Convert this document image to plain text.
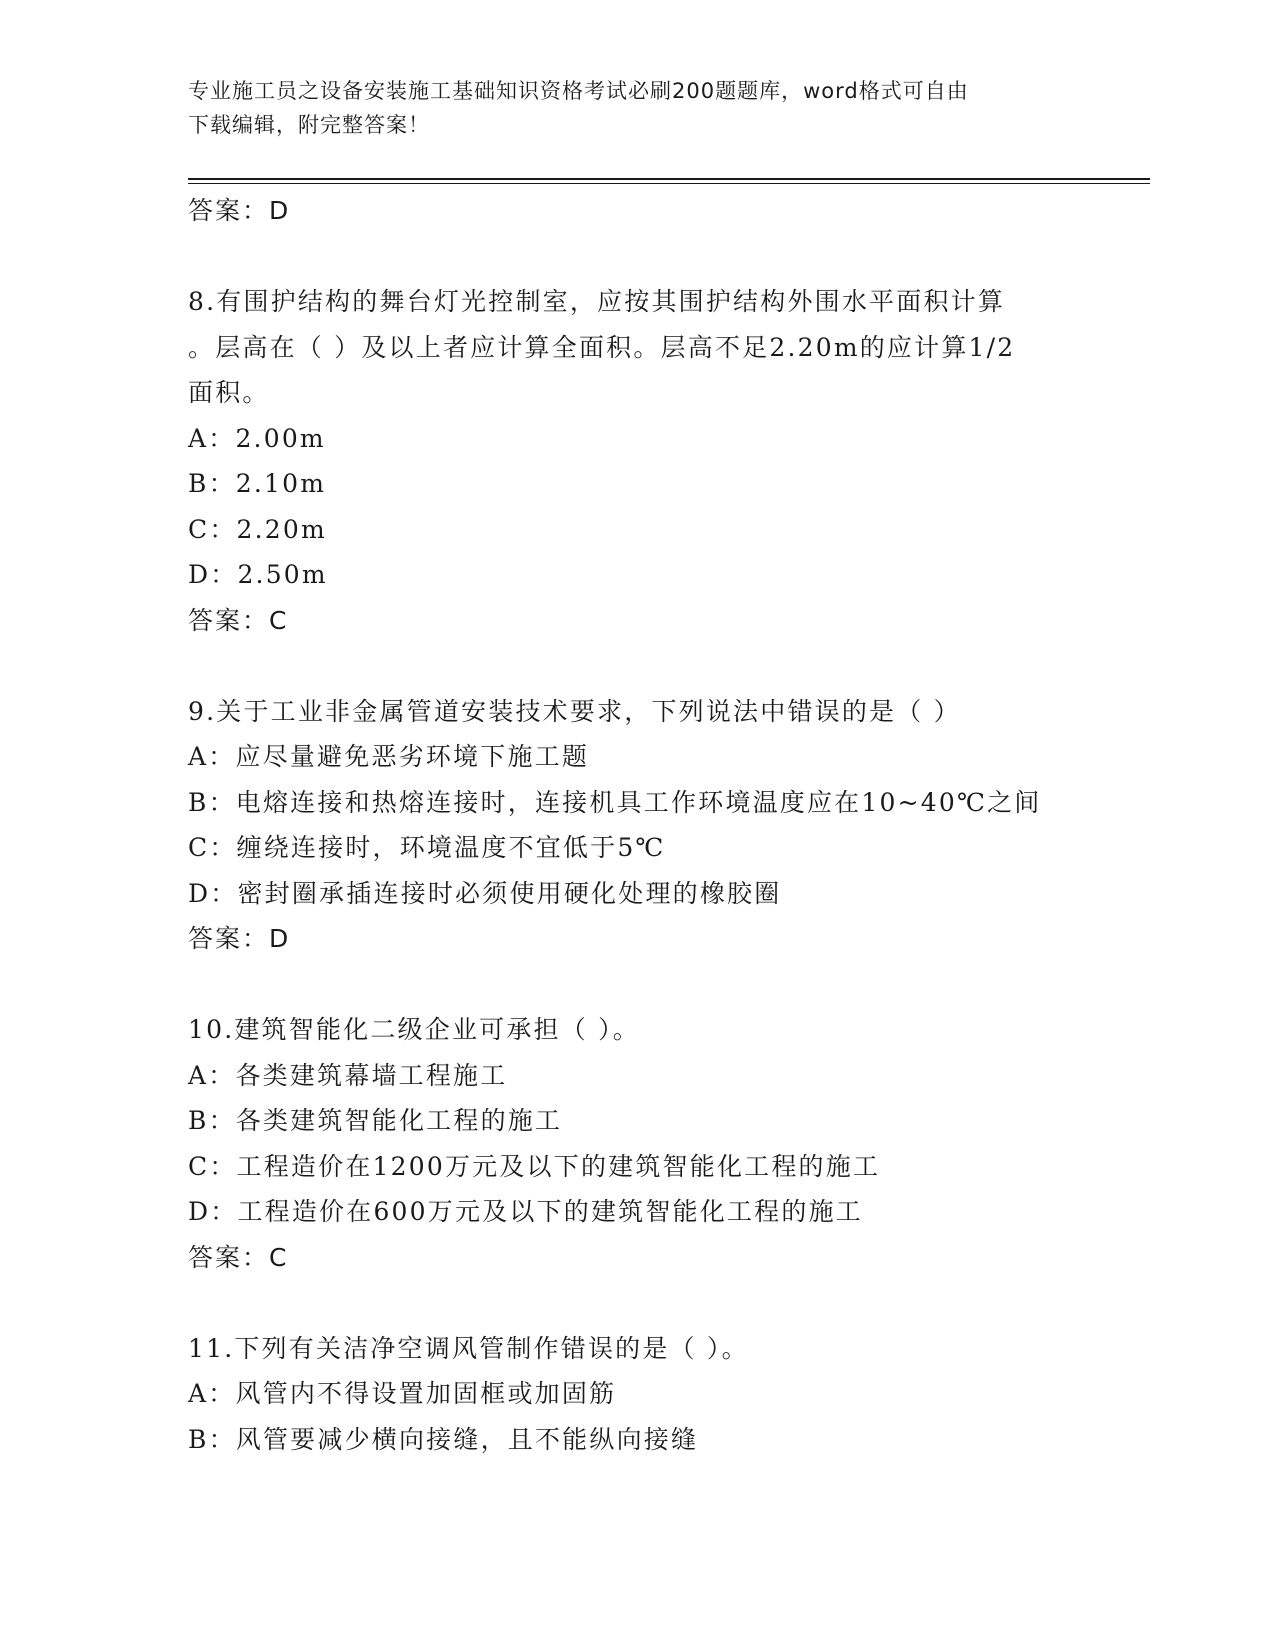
专业施工员之设备安装施工基础知识资格考试必刷200题题库，word格式可自由
下载编辑，附完整答案！
答案：D
8.有围护结构的舞台灯光控制室，应按其围护结构外围水平面积计算
。层高在（ ）及以上者应计算全面积。层高不足2.20m的应计算1/2
面积。
A：2.00m
B：2.10m
C：2.20m
D：2.50m
答案：C
9.关于工业非金属管道安装技术要求，下列说法中错误的是（ ）
A：应尽量避免恶劣环境下施工题
B：电熔连接和热熔连接时，连接机具工作环境温度应在10~40℃之间
C：缠绕连接时，环境温度不宜低于5℃
D：密封圈承插连接时必须使用硬化处理的橡胶圈
答案：D
10.建筑智能化二级企业可承担（ ）。
A：各类建筑幕墙工程施工
B：各类建筑智能化工程的施工
C：工程造价在1200万元及以下的建筑智能化工程的施工
D：工程造价在600万元及以下的建筑智能化工程的施工
答案：C
11.下列有关洁净空调风管制作错误的是（ ）。
A：风管内不得设置加固框或加固筋
B：风管要减少横向接缝，且不能纵向接缝
